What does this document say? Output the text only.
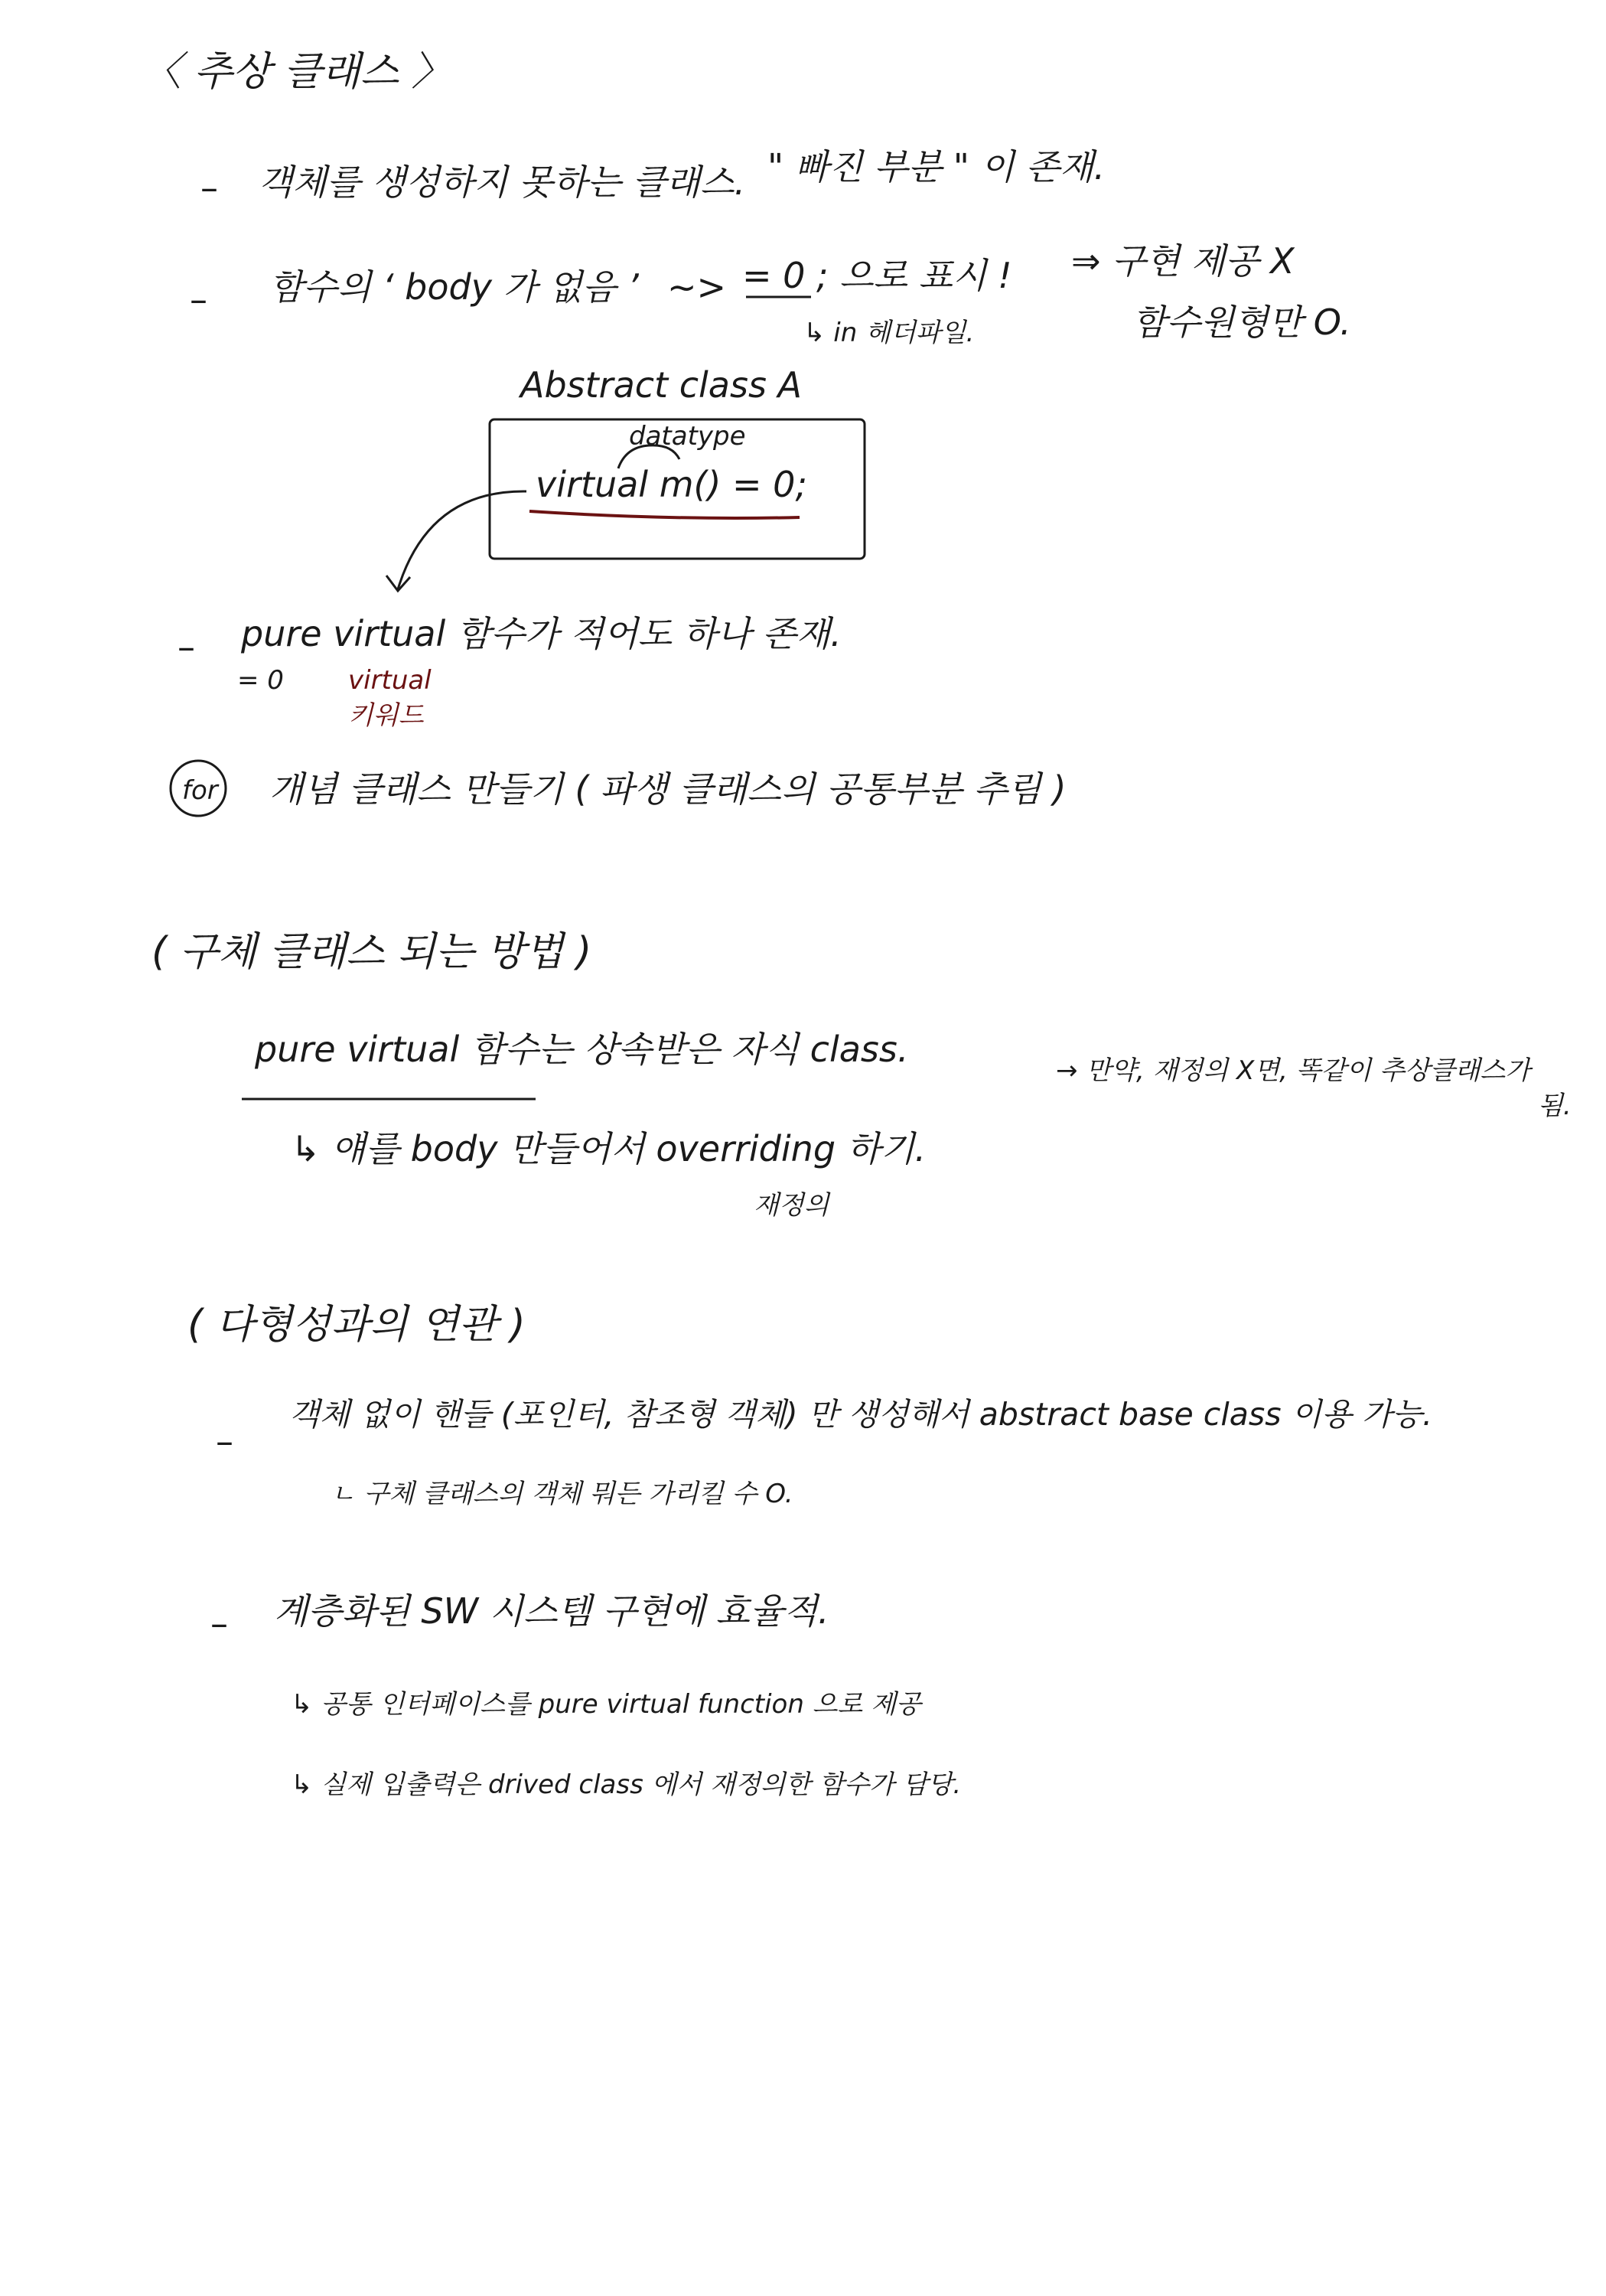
〈 추상 클래스 〉
– 객체를 생성하지 못하는 클래스. " 빠진 부분 " 이 존재.
– 함수의 ‘ body 가 없음 ’ ~> = 0 ; 으로 표시 !
↳ in 헤더파일.
⇒ 구현 제공 X
함수원형만 O.
Abstract class A
datatype
virtual m() = 0;
– pure virtual 함수가 적어도 하나 존재.
= 0 virtual
키워드
for 개념 클래스 만들기 ( 파생 클래스의 공통부분 추림 )
( 구체 클래스 되는 방법 )
pure virtual 함수는 상속받은 자식 class.
↳ 얘를 body 만들어서 overriding 하기.
재정의
→ 만약, 재정의 X면, 똑같이 추상클래스가
됨.
( 다형성과의 연관 )
–
객체 없이 핸들 (포인터, 참조형 객체) 만 생성해서 abstract base class 이용 가능.
ㄴ 구체 클래스의 객체 뭐든 가리킬 수 O.
– 계층화된 SW 시스템 구현에 효율적.
↳ 공통 인터페이스를 pure virtual function 으로 제공
↳ 실제 입출력은 drived class 에서 재정의한 함수가 담당.
